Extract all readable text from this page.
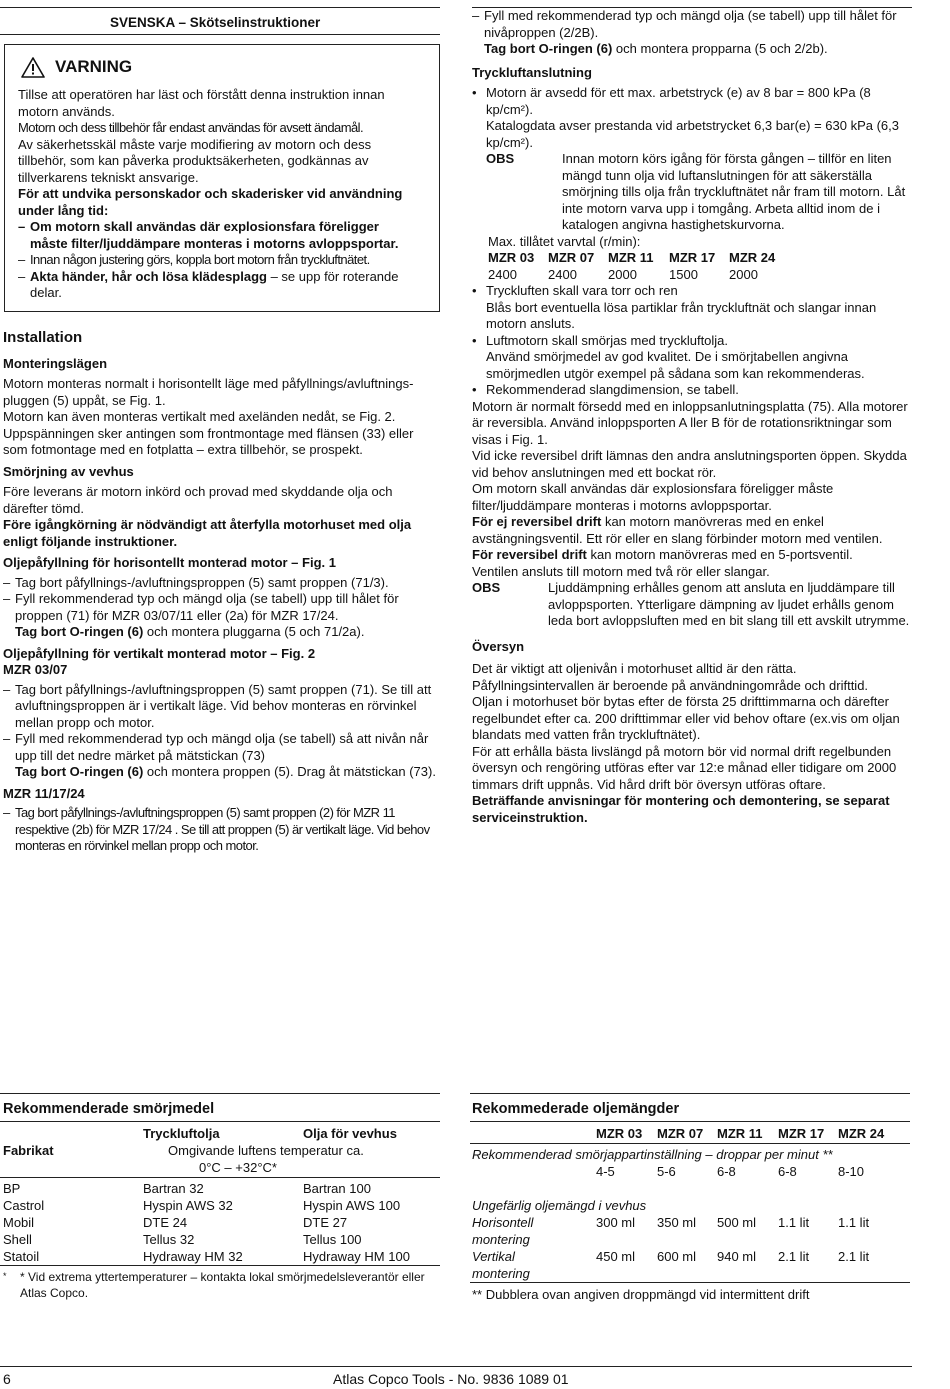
SVENSKA – Skötselinstruktioner
VARNING

Tillse att operatören har läst och förstått denna instruktion innan motorn används.

Motorn och dess tillbehör får endast användas för avsett ändamål.

Av säkerhetsskäl måste varje modifiering av motorn och dess tillbehör, som kan påverka produktsäkerheten, godkännas av tillverkarens tekniskt ansvarige.

För att undvika personskador och skaderisker vid användning under lång tid:

– Om motorn skall användas där explosionsfara föreligger måste filter/ljuddämpare monteras i motorns avloppsportar.
– Innan någon justering görs, koppla bort motorn från tryckluftnätet.
– Akta händer, hår och lösa klädesplagg – se upp för roterande delar.
Installation
Monteringslägen

Motorn monteras normalt i horisontellt läge med påfyllnings/avluftnings-pluggen (5) uppåt, se Fig. 1.

Motorn kan även monteras vertikalt med axeländen nedåt, se Fig. 2.

Uppspänningen sker antingen som frontmontage med flänsen (33) eller som fotmontage med en fotplatta – extra tillbehör, se prospekt.

Smörjning av vevhus

Före leverans är motorn inkörd och provad med skyddande olja och därefter tömd.

Före igångkörning är nödvändigt att återfylla motorhuset med olja enligt följande instruktioner.

Oljepåfyllning för horisontellt monterad motor – Fig. 1
– Tag bort påfyllnings-/avluftningsproppen (5) samt proppen (71/3).
– Fyll rekommenderad typ och mängd olja (se tabell) upp till hålet för proppen (71) för MZR 03/07/11 eller (2a) för MZR 17/24.
Tag bort O-ringen (6) och montera pluggarna (5 och 71/2a).
Oljepåfyllning för vertikalt monterad motor – Fig. 2
MZR 03/07
– Tag bort påfyllnings-/avluftningsproppen (5) samt proppen (71). Se till att avluftningsproppen är i vertikalt läge. Vid behov monteras en rörvinkel mellan propp och motor.
– Fyll med rekommenderad typ och mängd olja (se tabell) så att nivån når upp till det nedre märket på mätstickan (73)
Tag bort O-ringen (6) och montera proppen (5). Drag åt mätstickan (73).
MZR 11/17/24
– Tag bort påfyllnings-/avluftningsproppen (5) samt proppen (2) för MZR 11 respektive (2b) för MZR 17/24 . Se till att proppen (5) är vertikalt läge. Vid behov monteras en rörvinkel mellan propp och motor.
– Fyll med rekommenderad typ och mängd olja (se tabell) upp till hålet för nivåproppen (2/2B).
Tag bort O-ringen (6) och montera propparna (5 och 2/2b).
Tryckluftanslutning
• Motorn är avsedd för ett max. arbetstryck (e) av 8 bar = 800 kPa (8 kp/cm²).
Katalogdata avser prestanda vid arbetstrycket 6,3 bar(e) = 630 kPa (6,3 kp/cm²).
OBS	Innan motorn körs igång för första gången – tillför en liten mängd tunn olja vid luftanslutningen för att säkerställa smörjning tills olja från tryckluftnätet når fram till motorn. Låt inte motorn varva upp i tomgång. Arbeta alltid inom de i katalogen angivna hastighetskurvorna.

Max. tillåtet varvtal (r/min):

MZR 03	MZR 07	MZR 11	MZR 17	MZR 24
2400	2400	2000	1500	2000
• Tryckluften skall vara torr och ren
Blås bort eventuella lösa partiklar från tryckluftnät och slangar innan motorn ansluts.
• Luftmotorn skall smörjas med tryckluftolja.
Använd smörjmedel av god kvalitet. De i smörjtabellen angivna smörjmedlen utgör exempel på sådana som kan rekommenderas.
• Rekommenderad slangdimension, se tabell.

Motorn är normalt försedd med en inloppsanlutningsplatta (75). Alla motorer är reversibla. Använd inloppsporten A ller B för de rotationsriktningar som visas i Fig. 1.

Vid icke reversibel drift lämnas den andra anslutningsporten öppen. Skydda vid behov anslutningen med ett bockat rör.

Om motorn skall användas där explosionsfara föreligger måste filter/ljuddämpare monteras i motorns avloppsportar.

För ej reversibel drift kan motorn manövreras med en enkel avstängningsventil. Ett rör eller en slang förbinder motorn med ventilen.

För reversibel drift kan motorn manövreras med en 5-portsventil.

Ventilen ansluts till motorn med två rör eller slangar.

OBS	Ljuddämpning erhålles genom att ansluta en ljuddämpare till avloppsporten. Ytterligare dämpning av ljudet erhålls genom leda bort avloppsluften med en bit slang till ett avskilt utrymme.
Översyn

Det är viktigt att oljenivån i motorhuset alltid är den rätta.

Påfyllningsintervallen är beroende på användningområde och drifttid.

Oljan i motorhuset bör bytas efter de första 25 drifttimmarna och därefter regelbundet efter ca. 200 drifttimmar eller vid behov oftare (ex.vis om oljan blandats med vatten från tryckluftnätet).

För att erhålla bästa livslängd på motorn bör vid normal drift regelbunden översyn och rengöring utföras efter var 12:e månad eller tidigare om 2000 timmars drift uppnås. Vid hård drift bör översyn utföras oftare.

Beträffande anvisningar för montering och demontering, se separat serviceinstruktion.

Rekommenderade smörjmedel
Tryckluftolja	Olja för vevhus
Fabrikat	Omgivande luftens temperatur ca.
0°C – +32°C*
BP	Bartran 32	Bartran 100
Castrol	Hyspin AWS 32	Hyspin AWS 100
Mobil	DTE 24	DTE 27
Shell	Tellus 32	Tellus 100
Statoil	Hydraway HM 32	Hydraway HM 100
* * Vid extrema yttertemperaturer – kontakta lokal smörjmedelsleverantör eller Atlas Copco.
Rekommederade oljemängder
MZR 03 MZR 07 MZR 11 MZR 17 MZR 24
Rekommenderad smörjappartinställning – droppar per minut **
4-5	5-6	6-8	6-8	8-10
Ungefärlig oljemängd i vevhus
Horisontell
montering
300 ml 350 ml 500 ml 1.1 lit 1.1 lit
Vertikal
montering
450 ml 600 ml 940 ml 2.1 lit 2.1 lit
** Dubblera ovan angiven droppmängd vid intermittent drift
6	Atlas Copco Tools - No. 9836 1089 01
